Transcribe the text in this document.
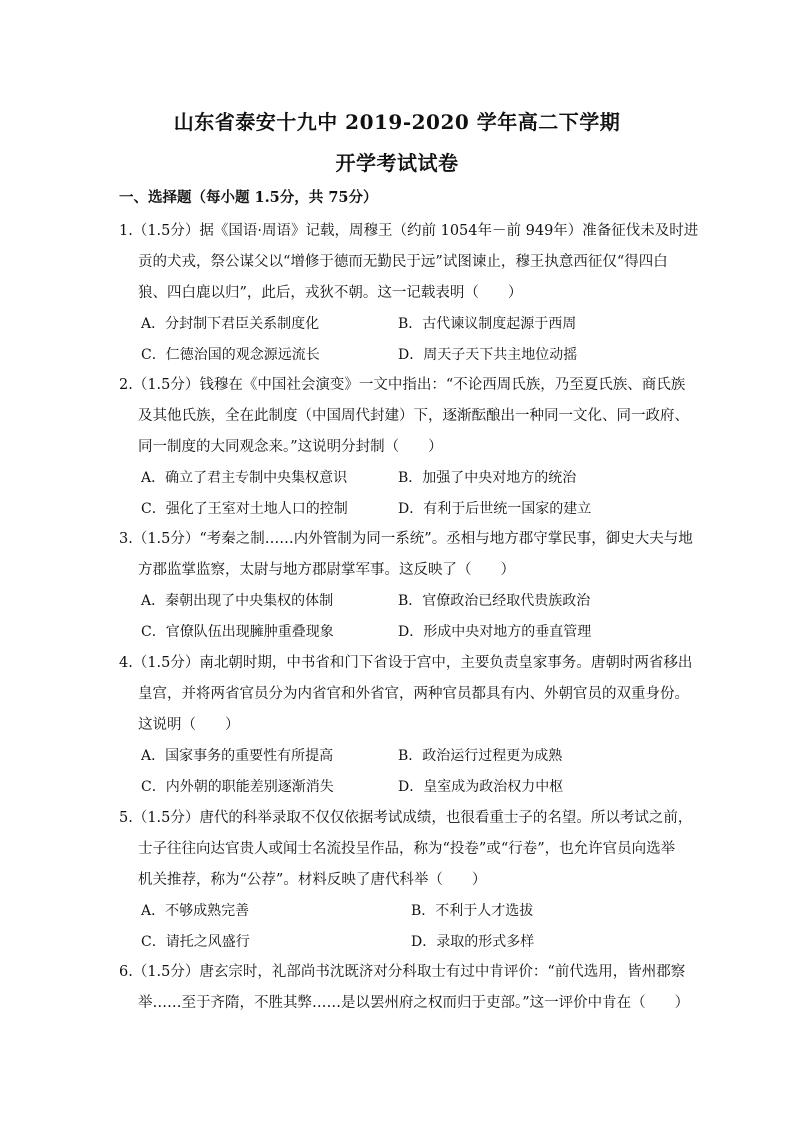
山东省泰安十九中 2019-2020 学年高二下学期
开学考试试卷
一、选择题（每小题 1.5分，共 75分）
1.（1.5分）据《国语·周语》记载，周穆王（约前 1054年－前 949年）准备征伐未及时进
贡的犬戎，祭公谋父以“增修于德而无勤民于远”试图谏止，穆王执意西征仅“得四白
狼、四白鹿以归”，此后，戎狄不朝。这一记载表明（　　）
A．分封制下君臣关系制度化	B．古代谏议制度起源于西周
C．仁德治国的观念源远流长	D．周天子天下共主地位动摇
2.（1.5分）钱穆在《中国社会演变》一文中指出：“不论西周氏族，乃至夏氏族、商氏族
及其他氏族，全在此制度（中国周代封建）下，逐渐酝酿出一种同一文化、同一政府、
同一制度的大同观念来。”这说明分封制（　　）
A．确立了君主专制中央集权意识	B．加强了中央对地方的统治
C．强化了王室对土地人口的控制	D．有利于后世统一国家的建立
3.（1.5分）“考秦之制……内外管制为同一系统”。丞相与地方郡守掌民事，御史大夫与地
方郡监掌监察，太尉与地方郡尉掌军事。这反映了（　　）
A．秦朝出现了中央集权的体制	B．官僚政治已经取代贵族政治
C．官僚队伍出现臃肿重叠现象	D．形成中央对地方的垂直管理
4.（1.5分）南北朝时期，中书省和门下省设于宫中，主要负责皇家事务。唐朝时两省移出
皇宫，并将两省官员分为内省官和外省官，两种官员都具有内、外朝官员的双重身份。
这说明（　　）
A．国家事务的重要性有所提高	B．政治运行过程更为成熟
C．内外朝的职能差别逐渐消失	D．皇室成为政治权力中枢
5.（1.5分）唐代的科举录取不仅仅依据考试成绩，也很看重士子的名望。所以考试之前，
士子往往向达官贵人或闻士名流投呈作品，称为“投卷”或“行卷”，也允许官员向选举
机关推荐，称为“公荐”。材料反映了唐代科举（　　）
A．不够成熟完善	B．不利于人才选拔
C．请托之风盛行	D．录取的形式多样
6.（1.5分）唐玄宗时，礼部尚书沈既济对分科取士有过中肯评价：“前代选用，皆州郡察
举……至于齐隋，不胜其弊……是以罢州府之权而归于吏部。”这一评价中肯在（　　）
